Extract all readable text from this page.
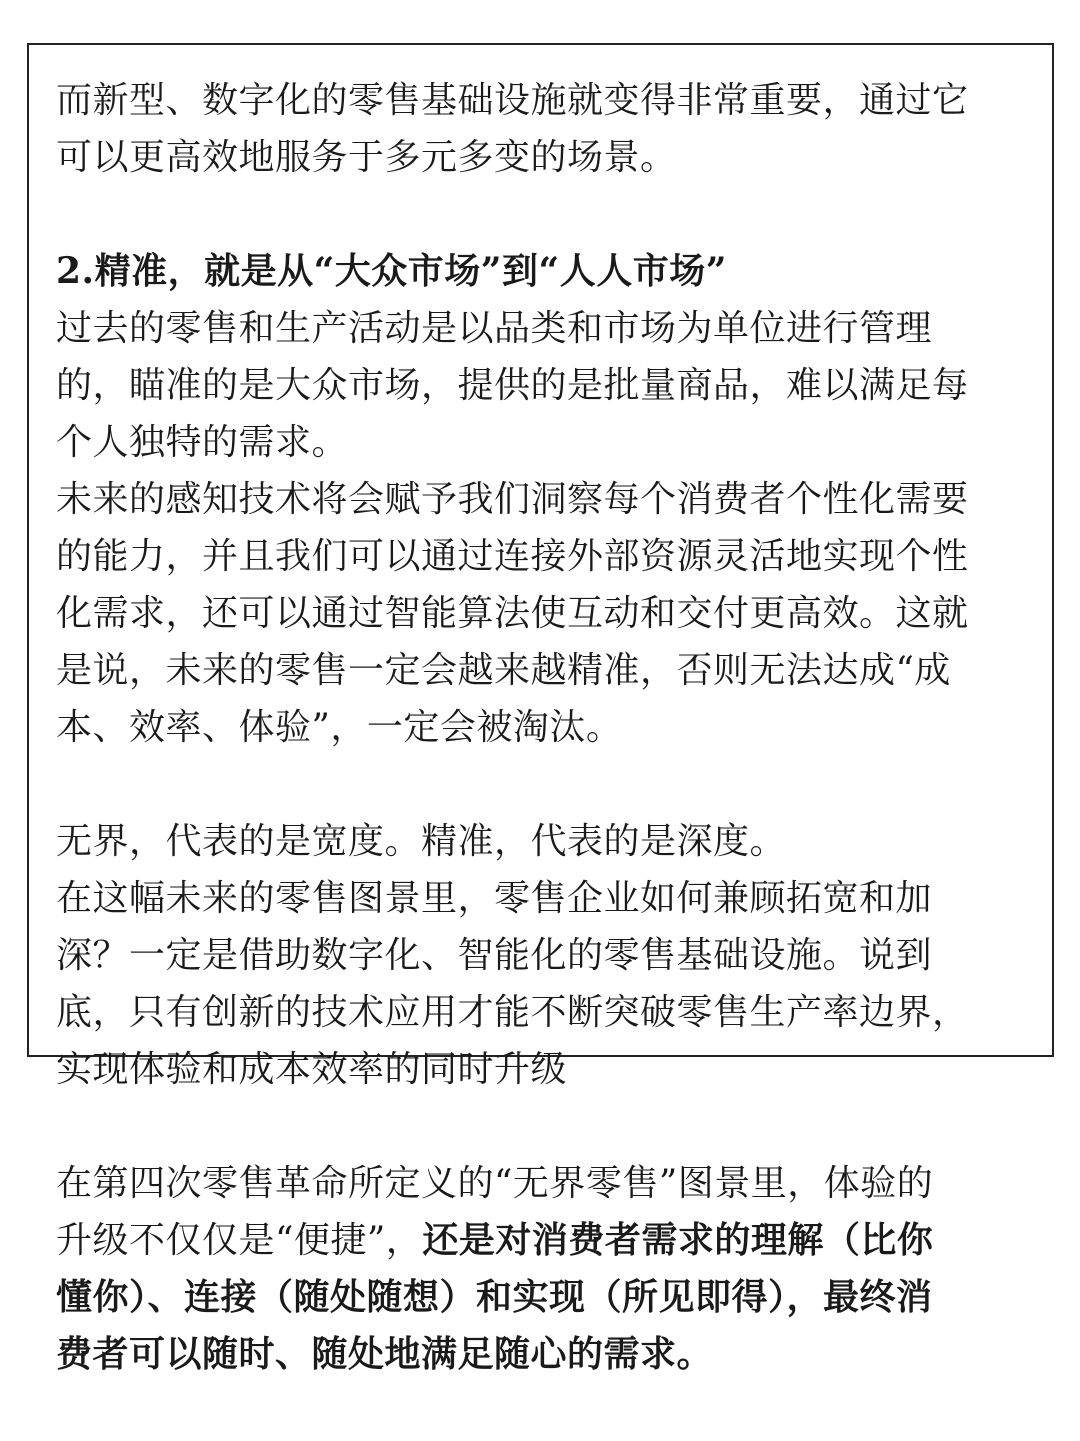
而新型、数字化的零售基础设施就变得非常重要，通过它
可以更高效地服务于多元多变的场景。
2.精准，就是从“大众市场”到“人人市场”
过去的零售和生产活动是以品类和市场为单位进行管理
的，瞄准的是大众市场，提供的是批量商品，难以满足每
个人独特的需求。
未来的感知技术将会赋予我们洞察每个消费者个性化需要
的能力，并且我们可以通过连接外部资源灵活地实现个性
化需求，还可以通过智能算法使互动和交付更高效。这就
是说，未来的零售一定会越来越精准，否则无法达成“成
本、效率、体验”，一定会被淘汰。
无界，代表的是宽度。精准，代表的是深度。
在这幅未来的零售图景里，零售企业如何兼顾拓宽和加
深？一定是借助数字化、智能化的零售基础设施。说到
底，只有创新的技术应用才能不断突破零售生产率边界，
实现体验和成本效率的同时升级
在第四次零售革命所定义的“无界零售”图景里，体验的
升级不仅仅是“便捷”，还是对消费者需求的理解（比你
懂你）、连接（随处随想）和实现（所见即得），最终消
费者可以随时、随处地满足随心的需求。
